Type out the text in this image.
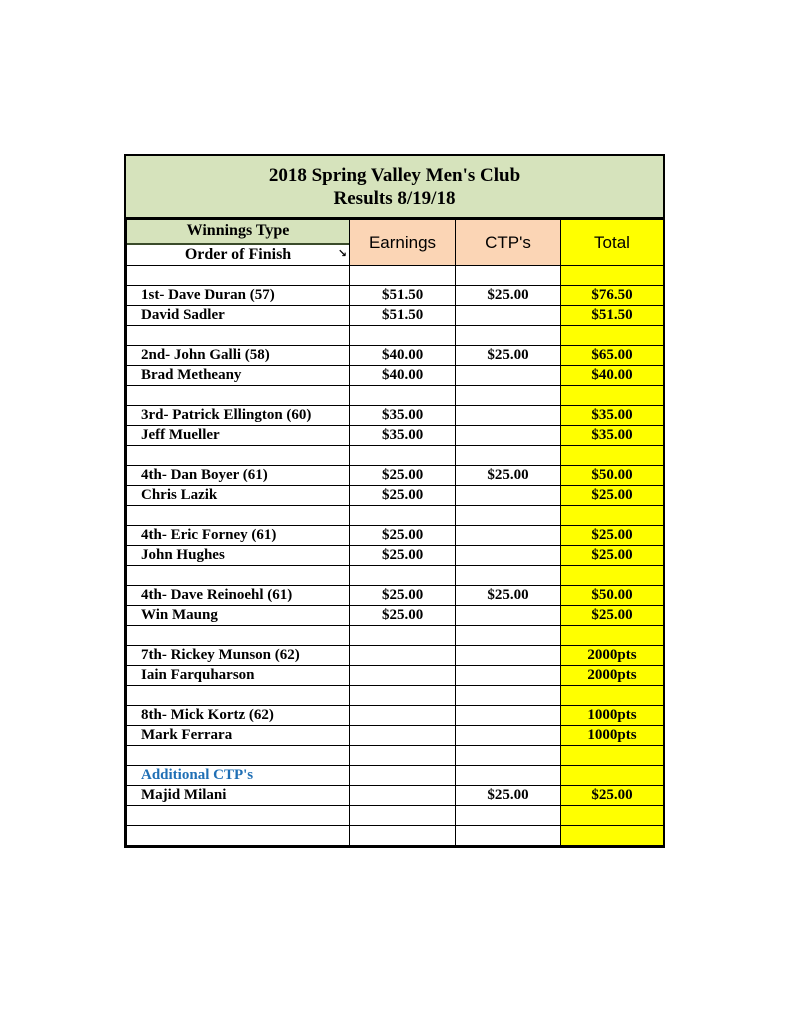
2018 Spring Valley Men's Club
Results 8/19/18
Winnings Type
Order of Finish ↘	Earnings	CTP's	Total

1st- Dave Duran (57)	$51.50	$25.00	$76.50
David Sadler	$51.50		$51.50

2nd- John Galli (58)	$40.00	$25.00	$65.00
Brad Metheany	$40.00		$40.00

3rd- Patrick Ellington (60)	$35.00		$35.00
Jeff Mueller	$35.00		$35.00

4th- Dan Boyer (61)	$25.00	$25.00	$50.00
Chris Lazik	$25.00		$25.00

4th- Eric Forney (61)	$25.00		$25.00
John Hughes	$25.00		$25.00

4th- Dave Reinoehl (61)	$25.00	$25.00	$50.00
Win Maung	$25.00		$25.00

7th- Rickey Munson (62)			2000pts
Iain Farquharson			2000pts

8th- Mick Kortz (62)			1000pts
Mark Ferrara			1000pts

Additional CTP's			
Majid Milani		$25.00	$25.00
